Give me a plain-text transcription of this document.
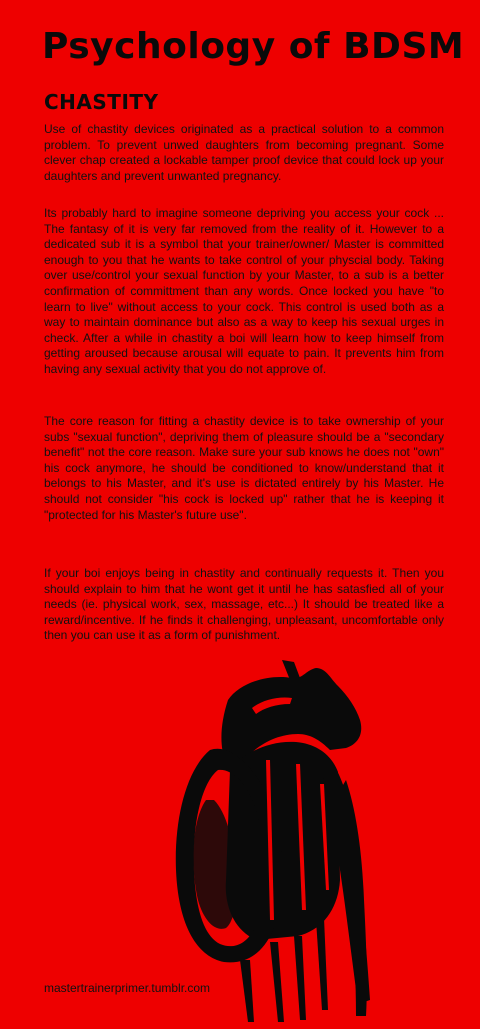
Psychology of BDSM
CHASTITY

Use of chastity devices originated as a practical solution to a common problem. To prevent unwed daughters from becoming pregnant. Some clever chap created a lockable tamper proof device that could lock up your daughters and prevent unwanted pregnancy.

Its probably hard to imagine someone depriving you access your cock ... The fantasy of it is very far removed from the reality of it. However to a dedicated sub it is a symbol that your trainer/owner/ Master is committed enough to you that he wants to take control of your physcial body. Taking over use/control your sexual function by your Master, to a sub is a better confirmation of committment than any words. Once locked you have "to learn to live" without access to your cock. This control is used both as a way to maintain dominance but also as a way to keep his sexual urges in check. After a while in chastity a boi will learn how to keep himself from getting aroused because arousal will equate to pain. It prevents him from having any sexual activity that you do not approve of.

The core reason for fitting a chastity device is to take ownership of your subs "sexual function", depriving them of pleasure should be a "secondary benefit" not the core reason. Make sure your sub knows he does not "own" his cock anymore, he should be conditioned to know/understand that it belongs to his Master, and it's use is dictated entirely by his Master. He should not consider "his cock is locked up" rather that he is keeping it "protected for his Master's future use".

If your boi enjoys being in chastity and continually requests it. Then you should explain to him that he wont get it until he has satasfied all of your needs (ie. physical work, sex, massage, etc...) It should be treated like a reward/incentive. If he finds it challenging, unpleasant, uncomfortable only then you can use it as a form of punishment.

mastertrainerprimer.tumblr.com
